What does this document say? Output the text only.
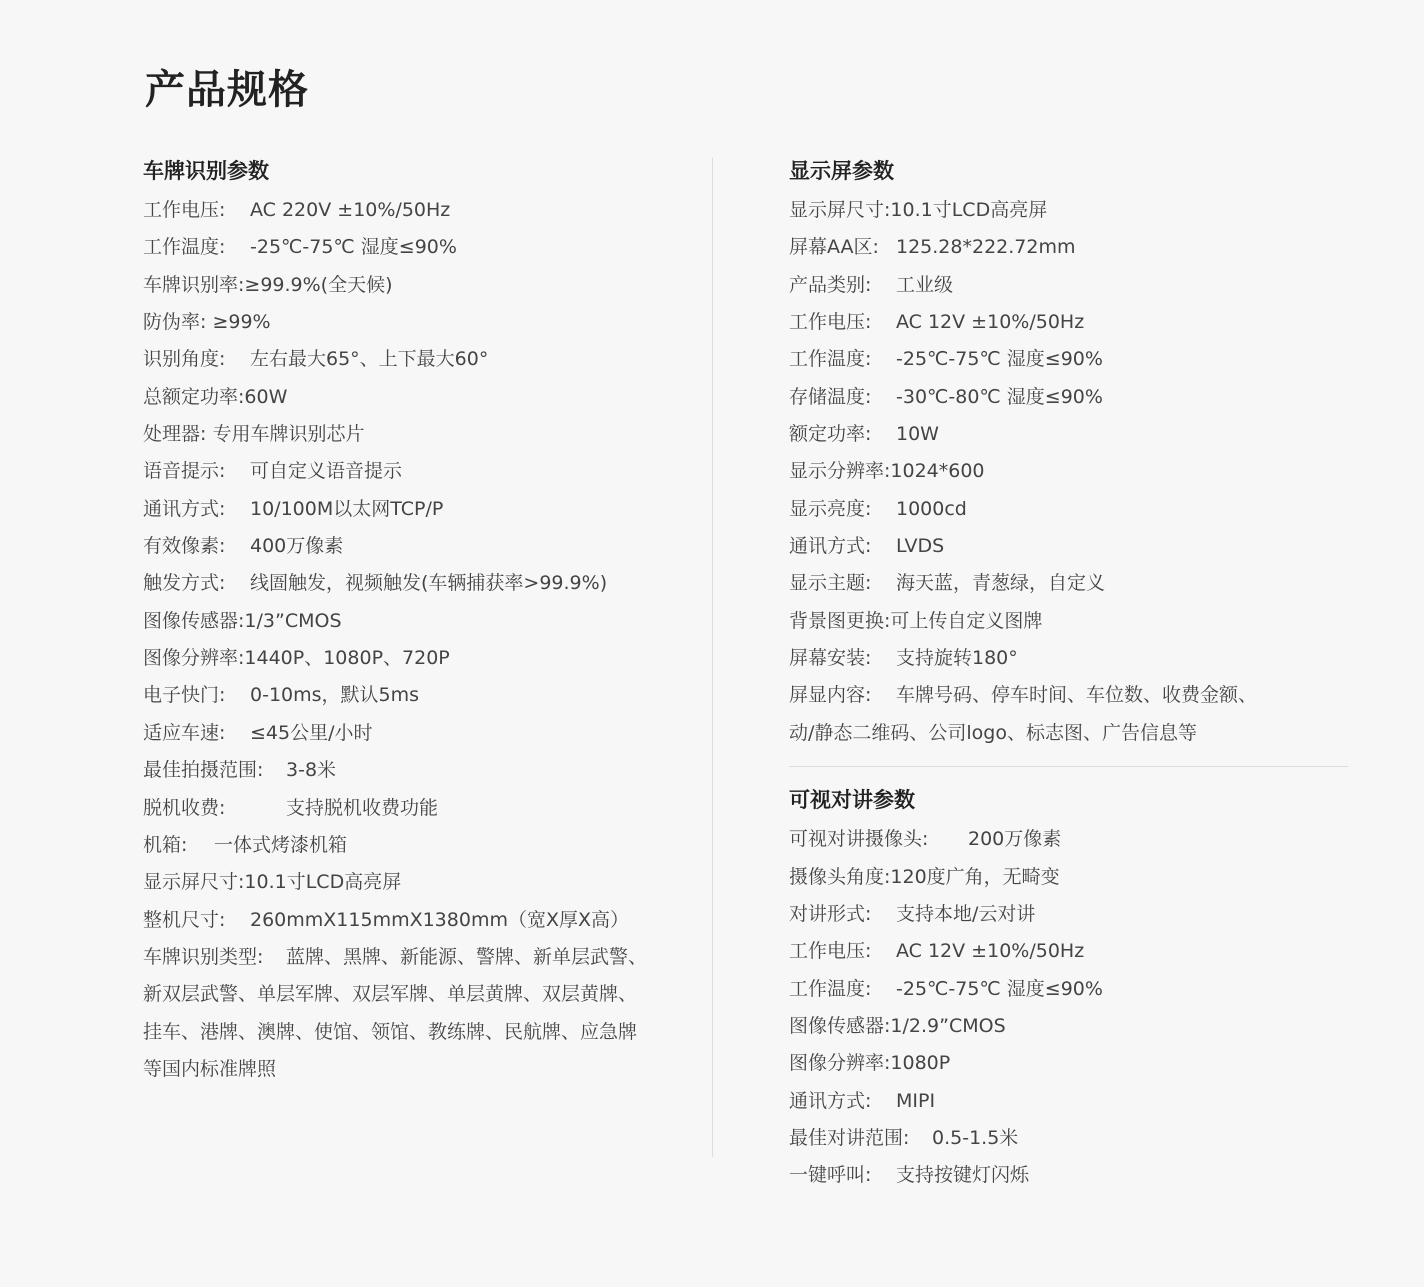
产品规格
车牌识别参数
工作电压: AC 220V ±10%/50Hz
工作温度: -25℃-75℃ 湿度≤90%
车牌识别率:≥99.9%(全天候)
防伪率: ≥99%
识别角度: 左右最大65°、上下最大60°
总额定功率:60W
处理器: 专用车牌识别芯片
语音提示: 可自定义语音提示
通讯方式: 10/100M以太网TCP/P
有效像素: 400万像素
触发方式: 线圄触发，视频触发(车辆捕获率>99.9%)
图像传感器:1/3”CMOS
图像分辨率:1440P、1080P、720P
电子快门: 0-10ms，默认5ms
适应车速: ≤45公里/小时
最佳拍摄范围: 3-8米
脱机收费:	支持脱机收费功能
机箱: 一体式烤漆机箱
显示屏尺寸:10.1寸LCD高亮屏
整机尺寸: 260mmX115mmX1380mm（宽X厚X高）
车牌识别类型: 蓝牌、黑牌、新能源、警牌、新单层武警、
新双层武警、单层军牌、双层军牌、单层黄牌、双层黄牌、
挂车、港牌、澳牌、使馆、领馆、教练牌、民航牌、应急牌
等国内标准牌照
显示屏参数
显示屏尺寸:10.1寸LCD高亮屏
屏幕AA区: 125.28*222.72mm
产品类别: 工业级
工作电压: AC 12V ±10%/50Hz
工作温度: -25℃-75℃ 湿度≤90%
存储温度: -30℃-80℃ 湿度≤90%
额定功率: 10W
显示分辨率:1024*600
显示亮度: 1000cd
通讯方式: LVDS
显示主题: 海天蓝，青葱绿，自定义
背景图更换:可上传自定义图牌
屏幕安装: 支持旋转180°
屏显内容: 车牌号码、停车时间、车位数、收费金额、
动/静态二维码、公司logo、标志图、广告信息等
可视对讲参数
可视对讲摄像头: 200万像素
摄像头角度:120度广角，无畸变
对讲形式: 支持本地/云对讲
工作电压: AC 12V ±10%/50Hz
工作温度: -25℃-75℃ 湿度≤90%
图像传感器:1/2.9”CMOS
图像分辨率:1080P
通讯方式: MIPI
最佳对讲范围: 0.5-1.5米
一键呼叫: 支持按键灯闪烁
